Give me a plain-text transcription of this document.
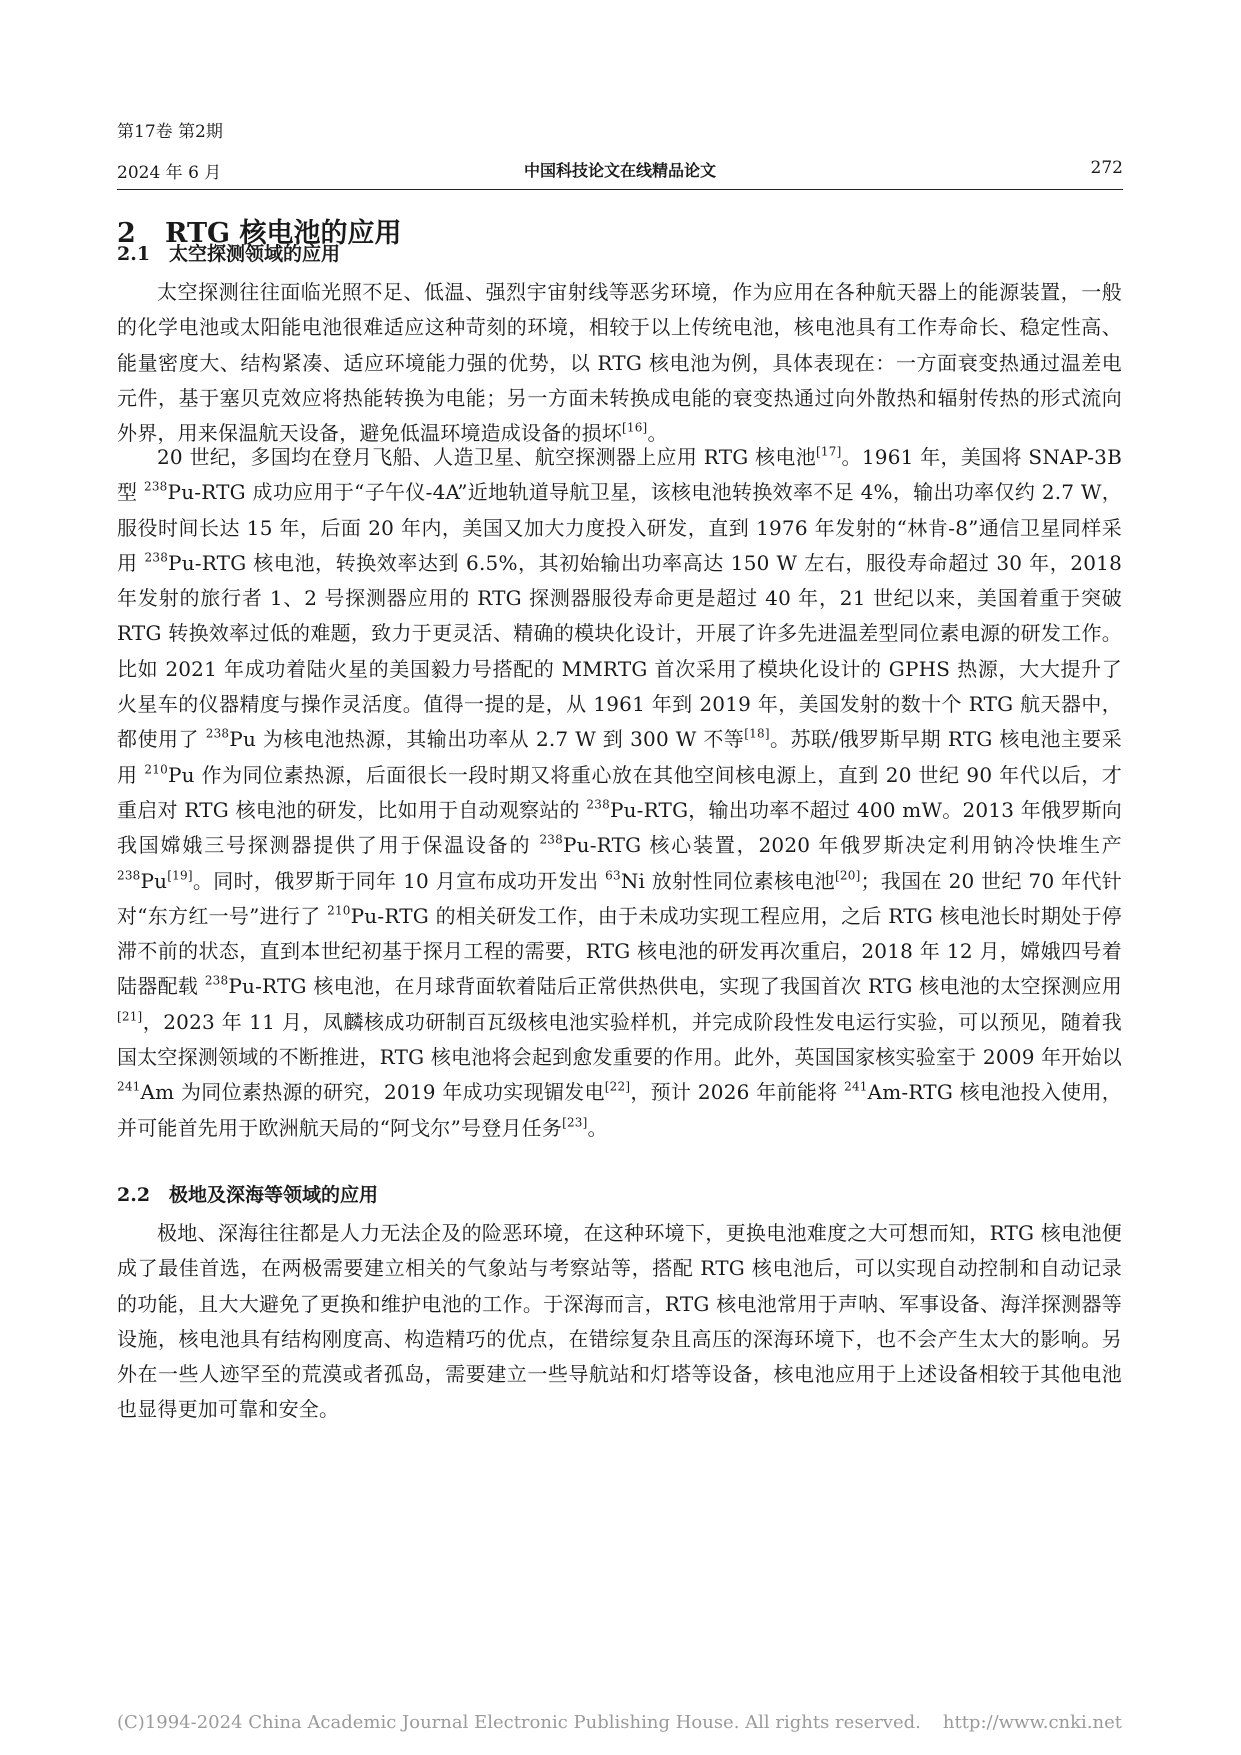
第17卷 第2期
2024 年 6 月	中国科技论文在线精品论文	272
2 RTG 核电池的应用
2.1 太空探测领域的应用

太空探测往往面临光照不足、低温、强烈宇宙射线等恶劣环境，作为应用在各种航天器上的能源装置，一般的化学电池或太阳能电池很难适应这种苛刻的环境，相较于以上传统电池，核电池具有工作寿命长、稳定性高、能量密度大、结构紧凑、适应环境能力强的优势，以 RTG 核电池为例，具体表现在：一方面衰变热通过温差电元件，基于塞贝克效应将热能转换为电能；另一方面未转换成电能的衰变热通过向外散热和辐射传热的形式流向外界，用来保温航天设备，避免低温环境造成设备的损坏[16]。

20 世纪，多国均在登月飞船、人造卫星、航空探测器上应用 RTG 核电池[17]。1961 年，美国将 SNAP-3B 型 $^{238}$Pu-RTG 成功应用于“子午仪-4A”近地轨道导航卫星，该核电池转换效率不足 4%，输出功率仅约 2.7 W，服役时间长达 15 年，后面 20 年内，美国又加大力度投入研发，直到 1976 年发射的“林肯-8”通信卫星同样采用 $^{238}$Pu-RTG 核电池，转换效率达到 6.5%，其初始输出功率高达 150 W 左右，服役寿命超过 30 年，2018 年发射的旅行者 1、2 号探测器应用的 RTG 探测器服役寿命更是超过 40 年，21 世纪以来，美国着重于突破 RTG 转换效率过低的难题，致力于更灵活、精确的模块化设计，开展了许多先进温差型同位素电源的研发工作。比如 2021 年成功着陆火星的美国毅力号搭配的 MMRTG 首次采用了模块化设计的 GPHS 热源，大大提升了火星车的仪器精度与操作灵活度。值得一提的是，从 1961 年到 2019 年，美国发射的数十个 RTG 航天器中，都使用了 $^{238}$Pu 为核电池热源，其输出功率从 2.7 W 到 300 W 不等[18]。苏联/俄罗斯早期 RTG 核电池主要采用 $^{210}$Pu 作为同位素热源，后面很长一段时期又将重心放在其他空间核电源上，直到 20 世纪 90 年代以后，才重启对 RTG 核电池的研发，比如用于自动观察站的 $^{238}$Pu-RTG，输出功率不超过 400 mW。2013 年俄罗斯向我国嫦娥三号探测器提供了用于保温设备的 $^{238}$Pu-RTG 核心装置，2020 年俄罗斯决定利用钠冷快堆生产 $^{238}$Pu[19]。同时，俄罗斯于同年 10 月宣布成功开发出 $^{63}$Ni 放射性同位素核电池[20]；我国在 20 世纪 70 年代针对“东方红一号”进行了 $^{210}$Pu-RTG 的相关研发工作，由于未成功实现工程应用，之后 RTG 核电池长时期处于停滞不前的状态，直到本世纪初基于探月工程的需要，RTG 核电池的研发再次重启，2018 年 12 月，嫦娥四号着陆器配载 $^{238}$Pu-RTG 核电池，在月球背面软着陆后正常供热供电，实现了我国首次 RTG 核电池的太空探测应用[21]，2023 年 11 月，凤麟核成功研制百瓦级核电池实验样机，并完成阶段性发电运行实验，可以预见，随着我国太空探测领域的不断推进，RTG 核电池将会起到愈发重要的作用。此外，英国国家核实验室于 2009 年开始以 $^{241}$Am 为同位素热源的研究，2019 年成功实现镅发电[22]，预计 2026 年前能将 $^{241}$Am-RTG 核电池投入使用，并可能首先用于欧洲航天局的“阿戈尔”号登月任务[23]。

2.2 极地及深海等领域的应用

极地、深海往往都是人力无法企及的险恶环境，在这种环境下，更换电池难度之大可想而知，RTG 核电池便成了最佳首选，在两极需要建立相关的气象站与考察站等，搭配 RTG 核电池后，可以实现自动控制和自动记录的功能，且大大避免了更换和维护电池的工作。于深海而言，RTG 核电池常用于声呐、军事设备、海洋探测器等设施，核电池具有结构刚度高、构造精巧的优点，在错综复杂且高压的深海环境下，也不会产生太大的影响。另外在一些人迹罕至的荒漠或者孤岛，需要建立一些导航站和灯塔等设备，核电池应用于上述设备相较于其他电池也显得更加可靠和安全。

(C)1994-2024 China Academic Journal Electronic Publishing House. All rights reserved. http://www.cnki.net
